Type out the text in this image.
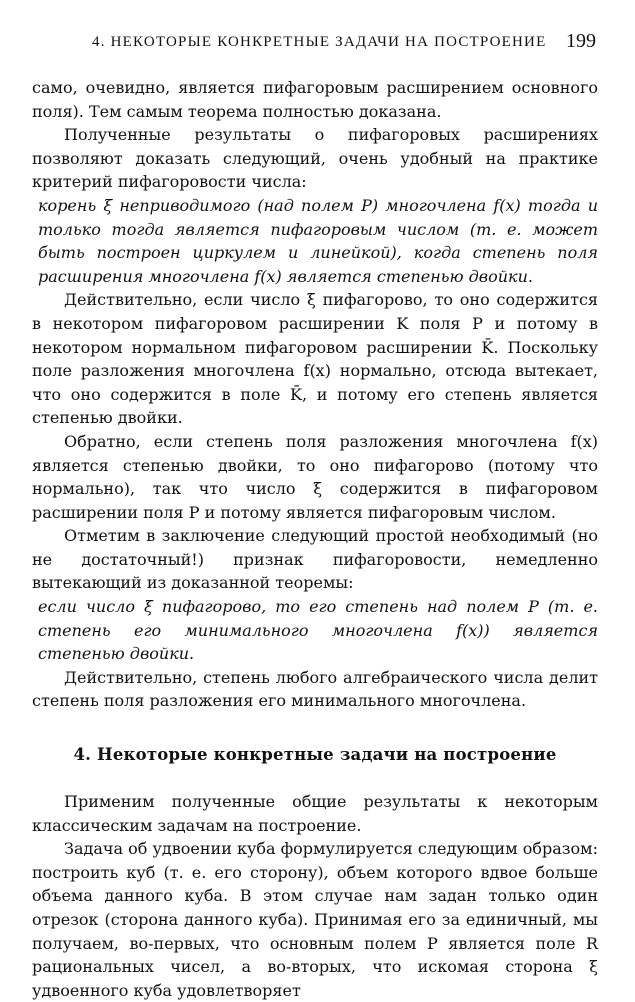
4. НЕКОТОРЫЕ КОНКРЕТНЫЕ ЗАДАЧИ НА ПОСТРОЕНИЕ 199

само, очевидно, является пифагоровым расширением основного поля). Тем самым теорема полностью доказана.

Полученные результаты о пифагоровых расширениях позволяют доказать следующий, очень удобный на практике критерий пифагоровости числа:

корень ξ неприводимого (над полем P) многочлена f(x) тогда и только тогда является пифагоровым числом (т. е. может быть построен циркулем и линейкой), когда степень поля расширения многочлена f(x) является степенью двойки.

Действительно, если число ξ пифагорово, то оно содержится в некотором пифагоровом расширении K поля P и потому в некотором нормальном пифагоровом расширении K̄. Поскольку поле разложения многочлена f(x) нормально, отсюда вытекает, что оно содержится в поле K̄, и потому его степень является степенью двойки.

Обратно, если степень поля разложения многочлена f(x) является степенью двойки, то оно пифагорово (потому что нормально), так что число ξ содержится в пифагоровом расширении поля P и потому является пифагоровым числом.

Отметим в заключение следующий простой необходимый (но не достаточный!) признак пифагоровости, немедленно вытекающий из доказанной теоремы:

если число ξ пифагорово, то его степень над полем P (т. е. степень его минимального многочлена f(x)) является степенью двойки.

Действительно, степень любого алгебраического числа делит степень поля разложения его минимального многочлена.

4. Некоторые конкретные задачи на построение

Применим полученные общие результаты к некоторым классическим задачам на построение.

Задача об удвоении куба формулируется следующим образом: построить куб (т. е. его сторону), объем которого вдвое больше объема данного куба. В этом случае нам задан только один отрезок (сторона данного куба). Принимая его за единичный, мы получаем, во-первых, что основным полем P является поле R рациональных чисел, а во-вторых, что искомая сторона ξ удвоенного куба удовлетворяет
